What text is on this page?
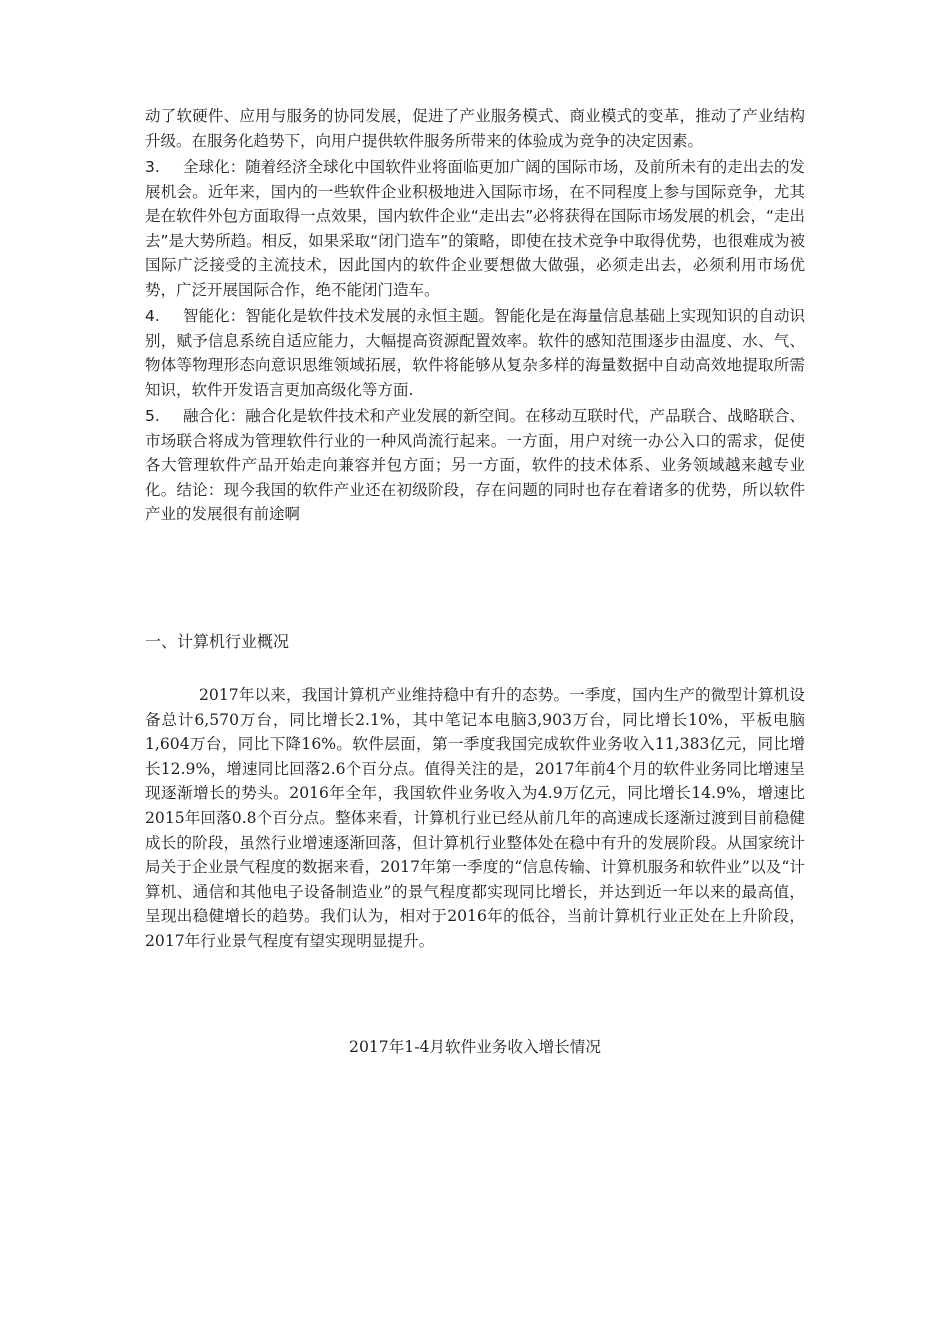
动了软硬件、应用与服务的协同发展，促进了产业服务模式、商业模式的变革，推动了产业结构升级。在服务化趋势下，向用户提供软件服务所带来的体验成为竞争的决定因素。

3. 全球化：随着经济全球化中国软件业将面临更加广阔的国际市场，及前所未有的走出去的发展机会。近年来，国内的一些软件企业积极地进入国际市场，在不同程度上参与国际竞争，尤其是在软件外包方面取得一点效果，国内软件企业“走出去”必将获得在国际市场发展的机会，“走出去”是大势所趋。相反，如果采取“闭门造车”的策略，即使在技术竞争中取得优势，也很难成为被国际广泛接受的主流技术，因此国内的软件企业要想做大做强，必须走出去，必须利用市场优势，广泛开展国际合作，绝不能闭门造车。

4. 智能化：智能化是软件技术发展的永恒主题。智能化是在海量信息基础上实现知识的自动识别，赋予信息系统自适应能力，大幅提高资源配置效率。软件的感知范围逐步由温度、水、气、物体等物理形态向意识思维领域拓展，软件将能够从复杂多样的海量数据中自动高效地提取所需知识，软件开发语言更加高级化等方面.

5. 融合化：融合化是软件技术和产业发展的新空间。在移动互联时代，产品联合、战略联合、市场联合将成为管理软件行业的一种风尚流行起来。一方面，用户对统一办公入口的需求，促使各大管理软件产品开始走向兼容并包方面；另一方面，软件的技术体系、业务领域越来越专业化。结论：现今我国的软件产业还在初级阶段，存在问题的同时也存在着诸多的优势，所以软件产业的发展很有前途啊

一、计算机行业概况

2017年以来，我国计算机产业维持稳中有升的态势。一季度，国内生产的微型计算机设备总计6,570万台，同比增长2.1%，其中笔记本电脑3,903万台，同比增长10%，平板电脑1,604万台，同比下降16%。软件层面，第一季度我国完成软件业务收入11,383亿元，同比增长12.9%，增速同比回落2.6个百分点。值得关注的是，2017年前4个月的软件业务同比增速呈现逐渐增长的势头。2016年全年，我国软件业务收入为4.9万亿元，同比增长14.9%，增速比2015年回落0.8个百分点。整体来看，计算机行业已经从前几年的高速成长逐渐过渡到目前稳健成长的阶段，虽然行业增速逐渐回落，但计算机行业整体处在稳中有升的发展阶段。从国家统计局关于企业景气程度的数据来看，2017年第一季度的“信息传输、计算机服务和软件业”以及“计算机、通信和其他电子设备制造业”的景气程度都实现同比增长，并达到近一年以来的最高值，呈现出稳健增长的趋势。我们认为，相对于2016年的低谷，当前计算机行业正处在上升阶段，2017年行业景气程度有望实现明显提升。

2017年1-4月软件业务收入增长情况
